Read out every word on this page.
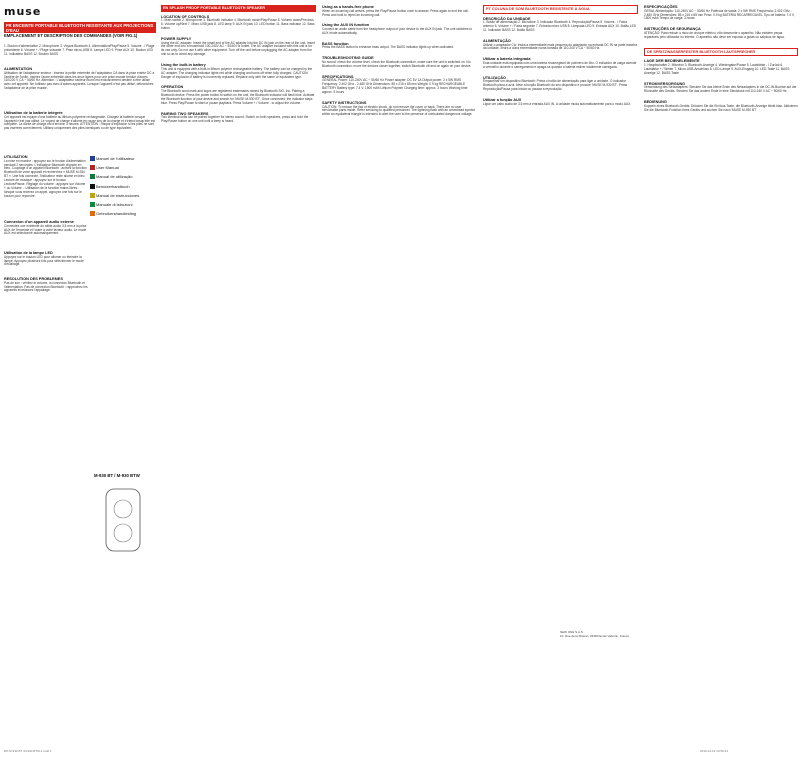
muse
FR ENCEINTE PORTABLE BLUETOOTH RESISTANTE AUX PROJECTIONS D'EAU
EMPLACEMENT ET DESCRIPTION DES COMMANDES (VOIR FIG.1)
1. Bouton d'alimentation 2. Microphone 3. Voyant Bluetooth 4. Alimentation/Play/Pause 5. Volume - / Plage précédente 6. Volume + / Plage suivante 7. Prise micro-USB 8. Lampe LED 9. Prise AUX 10. Bouton LED 11. Indicateur BASS 12. Bouton BASS
ALIMENTATION
Utilisation de l'adaptateur secteur : Insérez la petite extrémité de l'adaptateur CA dans la prise entrée DC à l'arrière de l'unité. Insérez l'autre extrémité dans les deux lignes pour une prise murale fendue d'accès 110/220 V CA ~ 50/60 Hz. Attention : L'adaptateur secteur fourni est exclusivement destiné à être utilisé avec cet appareil. Ne l'utilisez pas avec d'autres appareils. Lorsque l'appareil n'est pas utilisé, débranchez l'adaptateur de la prise murale.
Utilisation de la batterie intégrée
Cet appareil est équipé d'une batterie au lithium-polymère rechargeable. Chargez la batterie lorsque l'appareil n'est pas utilisé. Le voyant de charge s'allume en rouge lors de la charge et s'éteint lorsqu'elle est complète. La durée de charge est d'environ 3 heures. ATTENTION : Risque d'explosion si les piles ne sont pas insérées correctement. Utilisez uniquement des piles identiques ou de type équivalent.
UTILISATION
La mise en marche : appuyez sur le bouton d'alimentation pendant 2 secondes. L'indicateur Bluetooth clignote en bleu. Couplage d'un appareil Bluetooth : activez la fonction Bluetooth de votre appareil et recherchez « MUSE M-930 BT ». Une fois connecté, l'indicateur reste allumé en bleu. Lecture de musique : appuyez sur le bouton Lecture/Pause. Réglage du volume : appuyez sur Volume + ou Volume -. Utilisation de la fonction mains libres : lorsque vous recevez un appel, appuyez une fois sur le bouton pour répondre.
Manuel de l'utilisateur
User Manual
Manual de utilização
Benutzerhandbuch
Manual de instrucciones
Manuale di istruzioni
Gebruikershandleiding
Connexion d'un appareil audio externe
Connectez une extrémité du câble audio 3,5 mm à la prise AUX de l'enceinte et l'autre à votre lecteur audio. Le mode AUX est sélectionné automatiquement.
Utilisation de la lampe LED
Appuyez sur le bouton LED pour allumer ou éteindre la lampe. Appuyez plusieurs fois pour sélectionner le mode d'éclairage.
RESOLUTION DES PROBLEMES
Pas de son : vérifiez le volume, la connexion Bluetooth et l'alimentation. Pas de connexion Bluetooth : rapprochez les appareils et relancez l'appairage.
M-930 BT / M-930 BTW
EN SPLASH PROOF PORTABLE BLUETOOTH SPEAKER
LOCATION OF CONTROLS
1. Main switch 2. Microphone 3. Bluetooth indicator 4. Bluetooth mode/Play/Pause 5. Volume down/Previous 6. Volume up/Next 7. Micro USB jack 8. LED lamp 9. AUX IN jack 10. LED button 11. Bass indicator 12. Bass button
POWER SUPPLY
Using the AC adapter: Insert the small end of the AC adapter into the DC IN jack on the rear of the unit. Insert the other end into a household 100-240V AC ~ 50/60 Hz outlet. The AC adapter included with this unit is for its use only. Do not use it with other equipment. Turn off the unit before unplugging the AC adapter from the unit so as to avoid any damage.
Using the built-in battery
This unit is equipped with a built-in lithium polymer rechargeable battery. The battery can be charged by the AC adapter. The charging indicator lights red while charging and turns off when fully charged. CAUTION: Danger of explosion if battery is incorrectly replaced. Replace only with the same or equivalent type.
OPERATION
The Bluetooth word mark and logos are registered trademarks owned by Bluetooth SIG, Inc. Pairing a Bluetooth device: Press the power button to switch on the unit, the Bluetooth indicator will flash blue. Activate the Bluetooth function of your device and search for 'MUSE M-930 BT'. Once connected, the indicator stays blue. Press Play/Pause to start or pause playback. Press Volume + / Volume - to adjust the volume.
PAIRING TWO SPEAKERS
Two identical units can be paired together for stereo sound. Switch on both speakers, press and hold the Play/Pause button on one unit until a beep is heard.
Using as a hands-free phone
When an incoming call arrives, press the Play/Pause button once to answer. Press again to end the call. Press and hold to reject an incoming call.
Using the AUX IN function
Connect an audio cable from the headphone output of your device to the AUX IN jack. The unit switches to AUX mode automatically.
BASS function
Press the BASS button to enhance bass output. The BASS indicator lights up when activated.
TROUBLESHOOTING GUIDE
No sound: check the volume level, check the Bluetooth connection, make sure the unit is switched on. No Bluetooth connection: move the devices closer together, switch Bluetooth off and on again on your device.
SPECIFICATIONS
GENERAL Power: 110-240V AC ~ 50/60 Hz Power adapter: DC 5V 1A Output power: 2 x 5W RMS Frequency: 2.402 GHz - 2.480 GHz Dimensions: 85 x 215 x 85 mm Weight: 0.9 kg RECHARGEABLE BATTERY Battery type: 7.4 V, 1500 mAh Lithium Polymer Charging time: approx. 3 hours Working time: approx. 5 hours
SAFETY INSTRUCTIONS
CAUTION: To reduce the risk of electric shock, do not remove the cover or back. There are no user serviceable parts inside. Refer servicing to qualified personnel. The lightning flash with an arrowhead symbol within an equilateral triangle is intended to alert the user to the presence of uninsulated dangerous voltage.
PT COLUNA DE SOM BLUETOOTH RESISTENTE À ÁGUA
DESCRIÇÃO DA UNIDADE
1. Botão de alimentação 2. Microfone 3. Indicador Bluetooth 4. Reprodução/Pausa 5. Volume - / Faixa anterior 6. Volume + / Faixa seguinte 7. Entrada micro USB 8. Lâmpada LED 9. Entrada AUX 10. Botão LED 11. Indicador BASS 12. Botão BASS
ALIMENTAÇÃO
Utilizar o adaptador CA: Insira a extremidade mais pequena do adaptador na entrada DC IN na parte traseira da unidade. Insira a outra extremidade numa tomada de 110-240 V CA ~ 50/60 Hz.
Utilizar a bateria integrada
Esta unidade está equipada com uma bateria recarregável de polímero de lítio. O indicador de carga acende a vermelho durante o carregamento e apaga-se quando a bateria estiver totalmente carregada.
UTILIZAÇÃO
Emparelhar um dispositivo Bluetooth: Prima o botão de alimentação para ligar a unidade. O indicador Bluetooth pisca a azul. Ative a função Bluetooth do seu dispositivo e procure 'MUSE M-930 BT'. Prima Reprodução/Pausa para iniciar ou pausar a reprodução.
Utilizar a função AUX
Ligue um cabo áudio de 3,5 mm à entrada AUX IN. A unidade muda automaticamente para o modo AUX.
ESPECIFICAÇÕES
GERAL Alimentação: 110-240V AC ~ 50/60 Hz Potência de saída: 2 x 5W RMS Frequência: 2.402 GHz - 2.480 GHz Dimensões: 85 x 215 x 85 mm Peso: 0.9 kg BATERIA RECARREGÁVEL Tipo de bateria: 7.4 V, 1500 mAh Tempo de carga: 3 horas
INSTRUÇÕES DE SEGURANÇA
ATENÇÃO: Para reduzir o risco de choque elétrico, não desmonte o aparelho. Não existem peças reparáveis pelo utilizador no interior. O aparelho não deve ser exposto a gotas ou salpicos de água.
DE SPRITZWASSERFESTER BLUETOOTH LAUTSPRECHER
LAGE DER BEDIENELEMENTE
1. Hauptschalter 2. Mikrofon 3. Bluetooth-Anzeige 4. Wiedergabe/Pause 5. Lautstärke - / Zurück 6. Lautstärke + / Weiter 7. Micro-USB-Anschluss 8. LED-Lampe 9. AUX-Eingang 10. LED-Taste 11. BASS-Anzeige 12. BASS-Taste
STROMVERSORGUNG
Verwendung des Netzadapters: Stecken Sie das kleine Ende des Netzadapters in die DC-IN-Buchse auf der Rückseite des Geräts. Stecken Sie das andere Ende in eine Steckdose mit 110-240 V AC ~ 50/60 Hz.
BEDIENUNG
Koppeln eines Bluetooth-Geräts: Drücken Sie die Ein/Aus-Taste, die Bluetooth-Anzeige blinkt blau. Aktivieren Sie die Bluetooth-Funktion Ihres Geräts und suchen Sie nach 'MUSE M-930 BT'.
DP-M-930 BT /M-930 BTW-1.indd 1	2016-12-19 10:59:43
NEW ONE S.A.S
10, Rue de la Maison, 25480 Ecole Valentin, France
